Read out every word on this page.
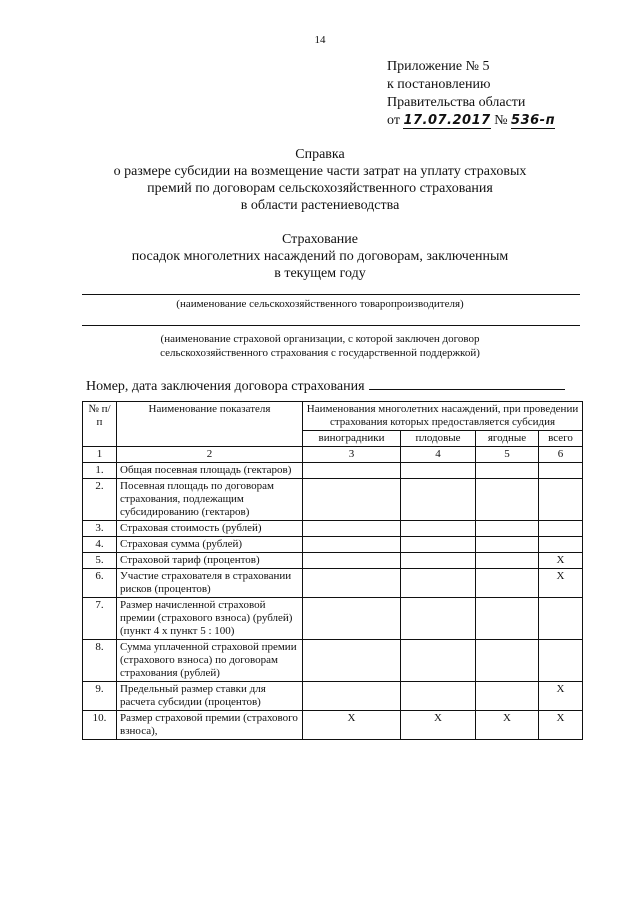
14
Приложение № 5
к постановлению
Правительства области
от 17.07.2017 № 536-п
Справка
о размере субсидии на возмещение части затрат на уплату страховых
премий по договорам сельскохозяйственного страхования
в области растениеводства
Страхование
посадок многолетних насаждений по договорам, заключенным
в текущем году
(наименование сельскохозяйственного товаропроизводителя)
(наименование страховой организации, с которой заключен договор
сельскохозяйственного страхования с государственной поддержкой)
Номер, дата заключения договора страхования
№ п/п	Наименование показателя	Наименования многолетних насаждений, при проведении страхования которых предоставляется субсидия			
		виноградники	плодовые	ягодные	всего
1	2	3	4	5	6
1.	Общая посевная площадь (гектаров)				
2.	Посевная площадь по договорам страхования, подлежащим субсидированию (гектаров)				
3.	Страховая стоимость (рублей)				
4.	Страховая сумма (рублей)				
5.	Страховой тариф (процентов)				Х
6.	Участие страхователя в страховании рисков (процентов)				Х
7.	Размер начисленной страховой премии (страхового взноса) (рублей) (пункт 4 х пункт 5 : 100)				
8.	Сумма уплаченной страховой премии (страхового взноса) по договорам страхования (рублей)				
9.	Предельный размер ставки для расчета субсидии (процентов)				Х
10.	Размер страховой премии (страхового взноса),	Х	Х	Х	Х
